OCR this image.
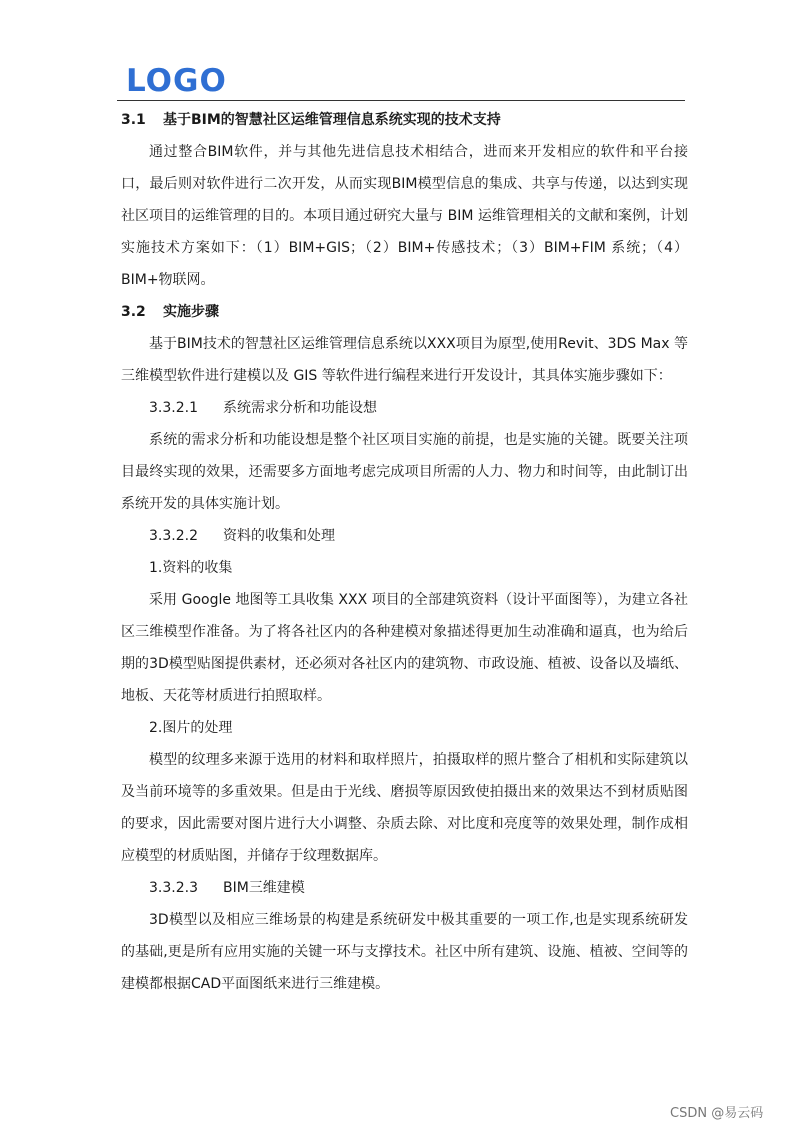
LOGO
3.1 基于BIM的智慧社区运维管理信息系统实现的技术支持

通过整合BIM软件，并与其他先进信息技术相结合，进而来开发相应的软件和平台接口，最后则对软件进行二次开发，从而实现BIM模型信息的集成、共享与传递，以达到实现社区项目的运维管理的目的。本项目通过研究大量与 BIM 运维管理相关的文献和案例，计划实施技术方案如下：（1）BIM+GIS；（2）BIM+传感技术；（3）BIM+FIM 系统；（4）BIM+物联网。

3.2 实施步骤

基于BIM技术的智慧社区运维管理信息系统以XXX项目为原型,使用Revit、3DS Max 等三维模型软件进行建模以及 GIS 等软件进行编程来进行开发设计，其具体实施步骤如下：

3.3.2.1 系统需求分析和功能设想

系统的需求分析和功能设想是整个社区项目实施的前提，也是实施的关键。既要关注项目最终实现的效果，还需要多方面地考虑完成项目所需的人力、物力和时间等，由此制订出系统开发的具体实施计划。

3.3.2.2 资料的收集和处理
1.资料的收集

采用 Google 地图等工具收集 XXX 项目的全部建筑资料（设计平面图等），为建立各社区三维模型作准备。为了将各社区内的各种建模对象描述得更加生动准确和逼真，也为给后期的3D模型贴图提供素材，还必须对各社区内的建筑物、市政设施、植被、设备以及墙纸、地板、天花等材质进行拍照取样。

2.图片的处理

模型的纹理多来源于选用的材料和取样照片，拍摄取样的照片整合了相机和实际建筑以及当前环境等的多重效果。但是由于光线、磨损等原因致使拍摄出来的效果达不到材质贴图的要求，因此需要对图片进行大小调整、杂质去除、对比度和亮度等的效果处理，制作成相应模型的材质贴图，并储存于纹理数据库。

3.3.2.3 BIM三维建模

3D模型以及相应三维场景的构建是系统研发中极其重要的一项工作,也是实现系统研发的基础,更是所有应用实施的关键一环与支撑技术。社区中所有建筑、设施、植被、空间等的建模都根据CAD平面图纸来进行三维建模。

CSDN @易云码
